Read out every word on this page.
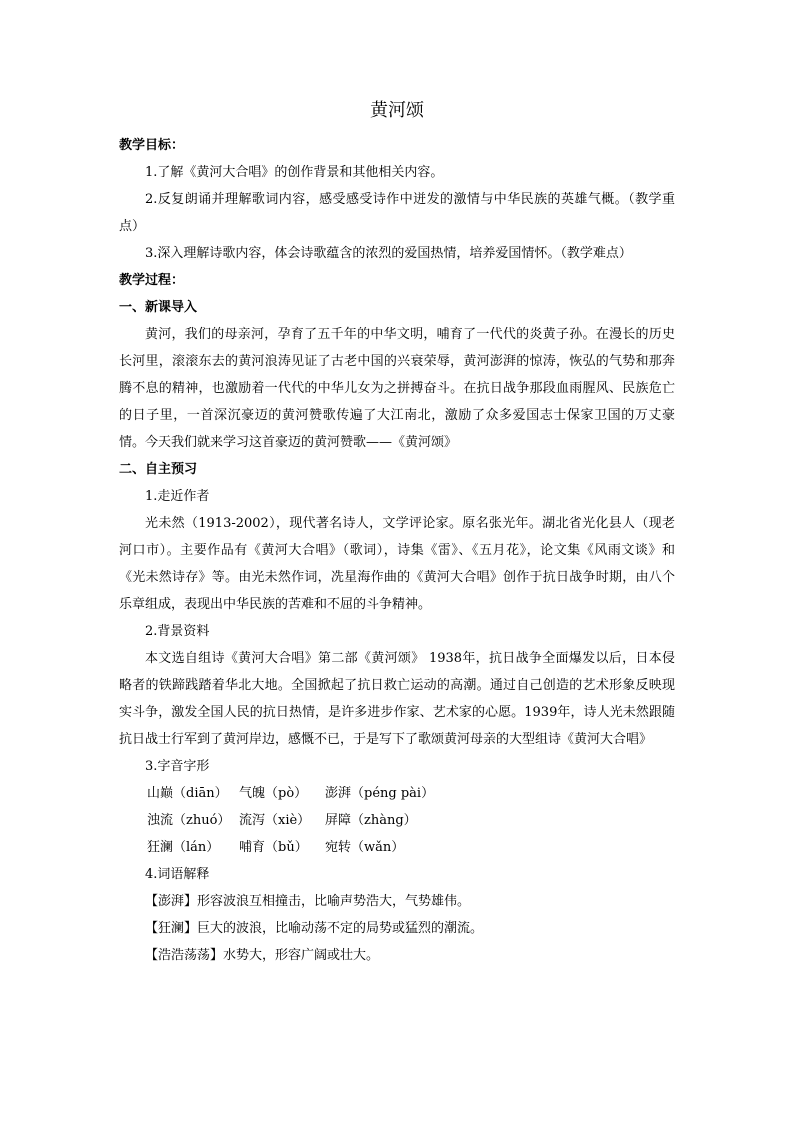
黄河颂

教学目标：

1.了解《黄河大合唱》的创作背景和其他相关内容。

2.反复朗诵并理解歌词内容，感受感受诗作中迸发的激情与中华民族的英雄气概。（教学重点）

3.深入理解诗歌内容，体会诗歌蕴含的浓烈的爱国热情，培养爱国情怀。（教学难点）

教学过程：

一、新课导入

黄河，我们的母亲河，孕育了五千年的中华文明，哺育了一代代的炎黄子孙。在漫长的历史长河里，滚滚东去的黄河浪涛见证了古老中国的兴衰荣辱，黄河澎湃的惊涛，恢弘的气势和那奔腾不息的精神，也激励着一代代的中华儿女为之拼搏奋斗。在抗日战争那段血雨腥风、民族危亡的日子里，一首深沉豪迈的黄河赞歌传遍了大江南北，激励了众多爱国志士保家卫国的万丈豪情。今天我们就来学习这首豪迈的黄河赞歌——《黄河颂》

二、自主预习

1.走近作者

光未然（1913-2002），现代著名诗人，文学评论家。原名张光年。湖北省光化县人（现老河口市）。主要作品有《黄河大合唱》（歌词），诗集《雷》、《五月花》，论文集《风雨文谈》和《光未然诗存》等。由光未然作词，冼星海作曲的《黄河大合唱》创作于抗日战争时期，由八个乐章组成，表现出中华民族的苦难和不屈的斗争精神。

2.背景资料

本文选自组诗《黄河大合唱》第二部《黄河颂》 1938年，抗日战争全面爆发以后，日本侵略者的铁蹄践踏着华北大地。全国掀起了抗日救亡运动的高潮。通过自己创造的艺术形象反映现实斗争，激发全国人民的抗日热情，是许多进步作家、艺术家的心愿。1939年，诗人光未然跟随抗日战士行军到了黄河岸边，感慨不已，于是写下了歌颂黄河母亲的大型组诗《黄河大合唱》

3.字音字形

山巅（diān） 气魄（pò）	澎湃（péng pài）
浊流（zhuó） 流泻（xiè）	屏障（zhàng）
狂澜（lán）	哺育（bǔ）	宛转（wǎn）

4.词语解释

【澎湃】形容波浪互相撞击，比喻声势浩大，气势雄伟。

【狂澜】巨大的波浪，比喻动荡不定的局势或猛烈的潮流。

【浩浩荡荡】水势大，形容广阔或壮大。
